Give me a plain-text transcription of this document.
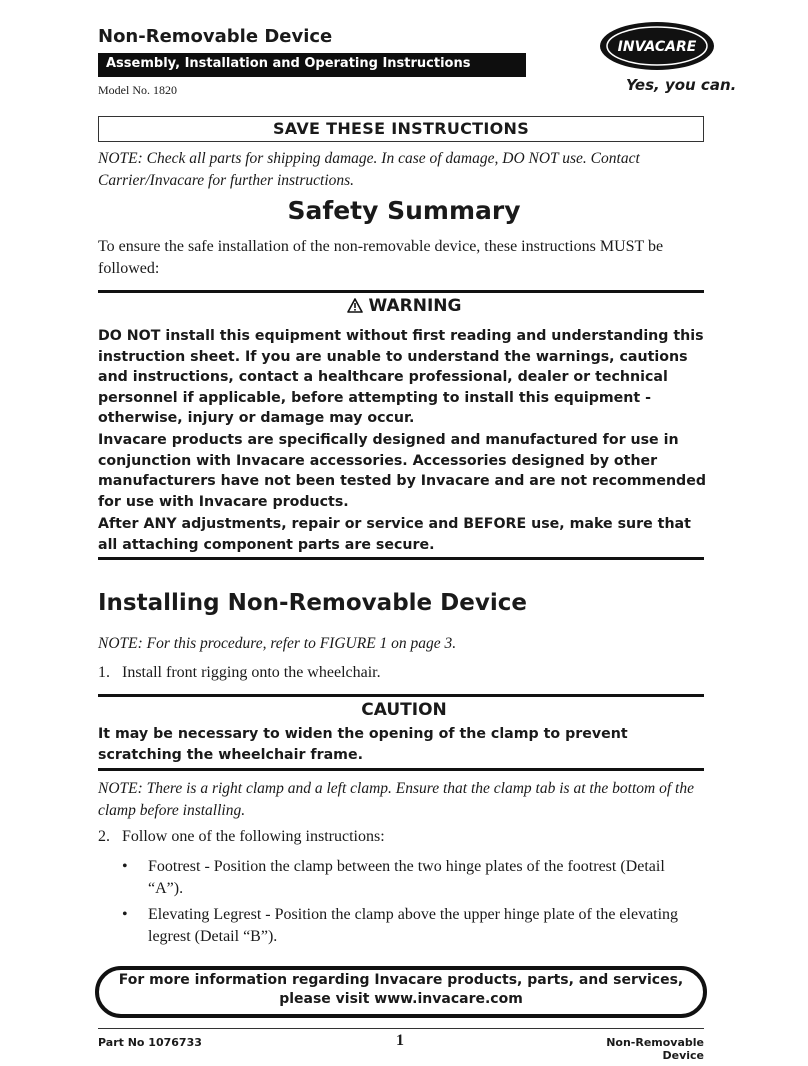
Non-Removable Device
Assembly, Installation and Operating Instructions
Model No. 1820
INVACARE
Yes, you can.
SAVE THESE INSTRUCTIONS
NOTE: Check all parts for shipping damage. In case of damage, DO NOT use. Contact Carrier/Invacare for further instructions.
Safety Summary
To ensure the safe installation of the non-removable device, these instructions MUST be followed:
WARNING
DO NOT install this equipment without first reading and understanding this instruction sheet. If you are unable to understand the warnings, cautions and instructions, contact a healthcare professional, dealer or technical personnel if applicable, before attempting to install this equipment - otherwise, injury or damage may occur.
Invacare products are specifically designed and manufactured for use in conjunction with Invacare accessories. Accessories designed by other manufacturers have not been tested by Invacare and are not recommended for use with Invacare products.
After ANY adjustments, repair or service and BEFORE use, make sure that all attaching component parts are secure.
Installing Non-Removable Device
NOTE: For this procedure, refer to FIGURE 1 on page 3.
1. Install front rigging onto the wheelchair.
CAUTION
It may be necessary to widen the opening of the clamp to prevent scratching the wheelchair frame.
NOTE: There is a right clamp and a left clamp. Ensure that the clamp tab is at the bottom of the clamp before installing.
2. Follow one of the following instructions:
• Footrest - Position the clamp between the two hinge plates of the footrest (Detail “A”).
• Elevating Legrest - Position the clamp above the upper hinge plate of the elevating legrest (Detail “B”).
For more information regarding Invacare products, parts, and services,
please visit www.invacare.com
Part No 1076733	1	Non-Removable Device
